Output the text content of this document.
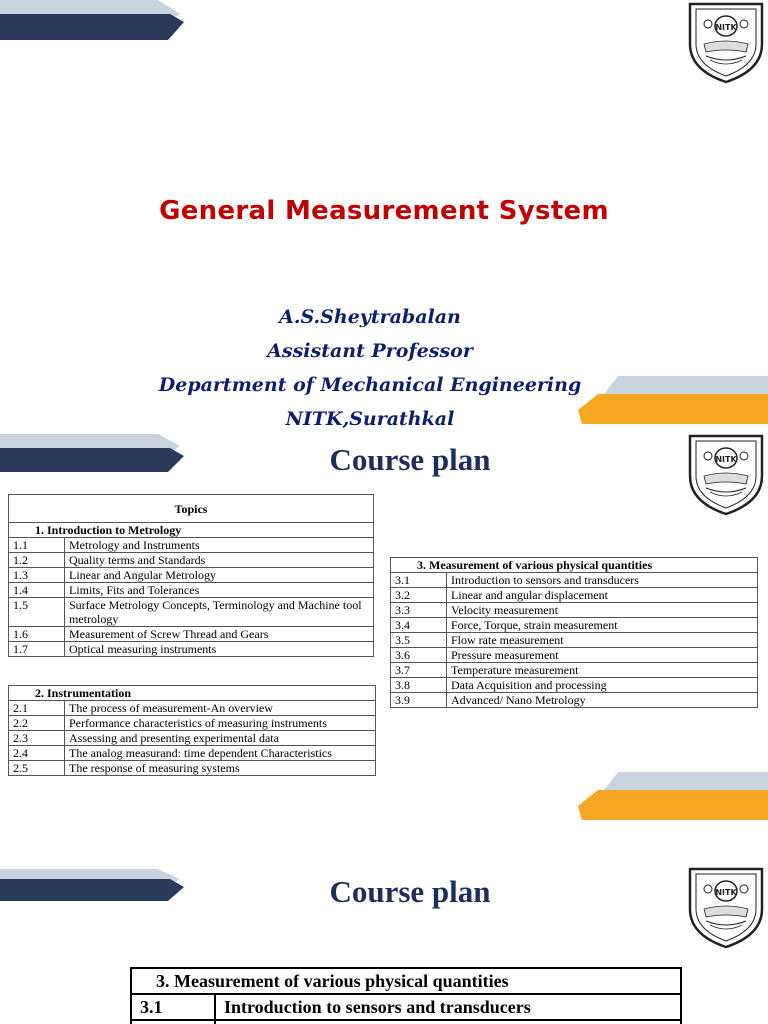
NITK
General Measurement System
A.S.Sheytrabalan
Assistant Professor
Department of Mechanical Engineering
NITK,Surathkal
NITK
Course plan
Topics	
1. Introduction to Metrology	
1.1	Metrology and Instruments
1.2	Quality terms and Standards
1.3	Linear and Angular Metrology
1.4	Limits, Fits and Tolerances
1.5	Surface Metrology Concepts, Terminology and Machine tool metrology
1.6	Measurement of Screw Thread and Gears
1.7	Optical measuring instruments
2. Instrumentation	
2.1	The process of measurement-An overview
2.2	Performance characteristics of measuring instruments
2.3	Assessing and presenting experimental data
2.4	The analog measurand: time dependent Characteristics
2.5	The response of measuring systems
3. Measurement of various physical quantities	
3.1	Introduction to sensors and transducers
3.2	Linear and angular displacement
3.3	Velocity measurement
3.4	Force, Torque, strain measurement
3.5	Flow rate measurement
3.6	Pressure measurement
3.7	Temperature measurement
3.8	Data Acquisition and processing
3.9	Advanced/ Nano Metrology
NITK
Course plan
3. Measurement of various physical quantities	
3.1	Introduction to sensors and transducers
